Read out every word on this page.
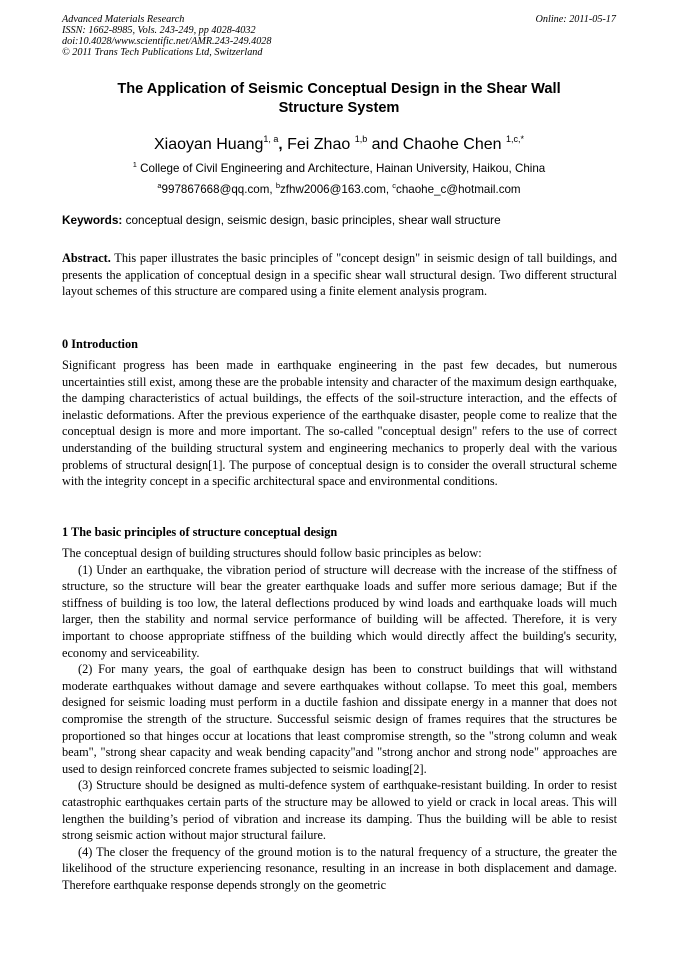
Advanced Materials Research
ISSN: 1662-8985, Vols. 243-249, pp 4028-4032
doi:10.4028/www.scientific.net/AMR.243-249.4028
© 2011 Trans Tech Publications Ltd, Switzerland
Online: 2011-05-17
The Application of Seismic Conceptual Design in the Shear Wall
Structure System
Xiaoyan Huang$^{1, a}$, Fei Zhao $^{1,b}$ and Chaohe Chen $^{1,c,*}$
$^1$ College of Civil Engineering and Architecture, Hainan University, Haikou, China
$^a$997867668@qq.com, $^b$zfhw2006@163.com, $^c$chaohe_c@hotmail.com
Keywords: conceptual design, seismic design, basic principles, shear wall structure
Abstract. This paper illustrates the basic principles of "concept design" in seismic design of tall buildings, and presents the application of conceptual design in a specific shear wall structural design. Two different structural layout schemes of this structure are compared using a finite element analysis program.
0 Introduction
Significant progress has been made in earthquake engineering in the past few decades, but numerous uncertainties still exist, among these are the probable intensity and character of the maximum design earthquake, the damping characteristics of actual buildings, the effects of the soil-structure interaction, and the effects of inelastic deformations. After the previous experience of the earthquake disaster, people come to realize that the conceptual design is more and more important. The so-called "conceptual design" refers to the use of correct understanding of the building structural system and engineering mechanics to properly deal with the various problems of structural design[1]. The purpose of conceptual design is to consider the overall structural scheme with the integrity concept in a specific architectural space and environmental conditions.
1 The basic principles of structure conceptual design

The conceptual design of building structures should follow basic principles as below:

(1) Under an earthquake, the vibration period of structure will decrease with the increase of the stiffness of structure, so the structure will bear the greater earthquake loads and suffer more serious damage; But if the stiffness of building is too low, the lateral deflections produced by wind loads and earthquake loads will much larger, then the stability and normal service performance of building will be affected. Therefore, it is very important to choose appropriate stiffness of the building which would directly affect the building's security, economy and serviceability.

(2) For many years, the goal of earthquake design has been to construct buildings that will withstand moderate earthquakes without damage and severe earthquakes without collapse. To meet this goal, members designed for seismic loading must perform in a ductile fashion and dissipate energy in a manner that does not compromise the strength of the structure. Successful seismic design of frames requires that the structures be proportioned so that hinges occur at locations that least compromise strength, so the "strong column and weak beam", "strong shear capacity and weak bending capacity"and "strong anchor and strong node" approaches are used to design reinforced concrete frames subjected to seismic loading[2].

(3) Structure should be designed as multi-defence system of earthquake-resistant building. In order to resist catastrophic earthquakes certain parts of the structure may be allowed to yield or crack in local areas. This will lengthen the building’s period of vibration and increase its damping. Thus the building will be able to resist strong seismic action without major structural failure.

(4) The closer the frequency of the ground motion is to the natural frequency of a structure, the greater the likelihood of the structure experiencing resonance, resulting in an increase in both displacement and damage. Therefore earthquake response depends strongly on the geometric
